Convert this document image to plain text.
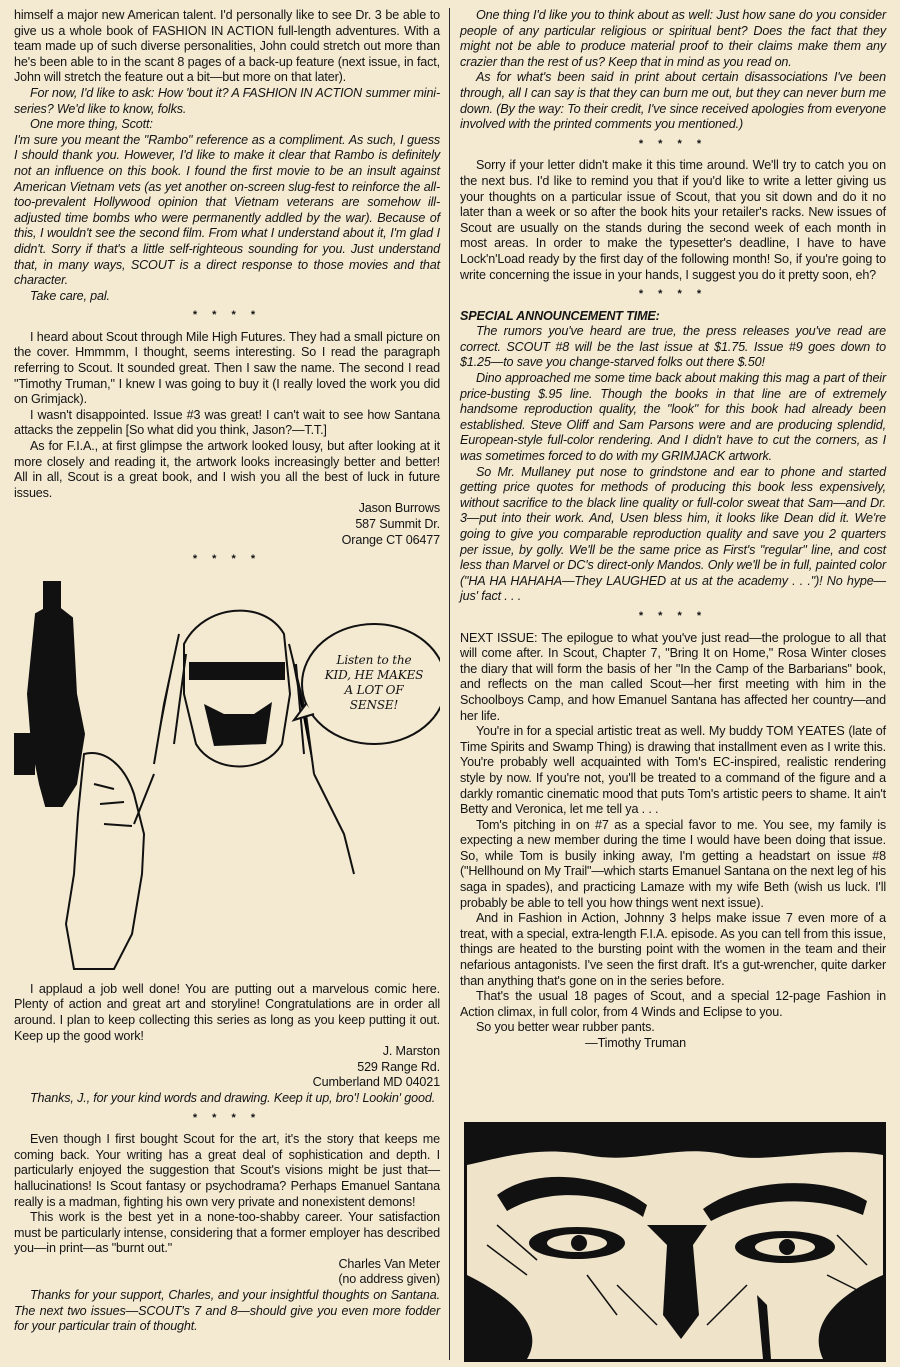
himself a major new American talent. I'd personally like to see Dr. 3 be able to give us a whole book of FASHION IN ACTION full-length adventures. With a team made up of such diverse personalities, John could stretch out more than he's been able to in the scant 8 pages of a back-up feature (next issue, in fact, John will stretch the feature out a bit—but more on that later).

For now, I'd like to ask: How 'bout it? A FASHION IN ACTION summer mini-series? We'd like to know, folks.

One more thing, Scott:

I'm sure you meant the "Rambo" reference as a compliment. As such, I guess I should thank you. However, I'd like to make it clear that Rambo is definitely not an influence on this book. I found the first movie to be an insult against American Vietnam vets (as yet another on-screen slug-fest to reinforce the all-too-prevalent Hollywood opinion that Vietnam veterans are somehow ill-adjusted time bombs who were permanently addled by the war). Because of this, I wouldn't see the second film. From what I understand about it, I'm glad I didn't. Sorry if that's a little self-righteous sounding for you. Just understand that, in many ways, SCOUT is a direct response to those movies and that character.

Take care, pal.

* * * *

I heard about Scout through Mile High Futures. They had a small picture on the cover. Hmmmm, I thought, seems interesting. So I read the paragraph referring to Scout. It sounded great. Then I saw the name. The second I read "Timothy Truman," I knew I was going to buy it (I really loved the work you did on Grimjack).

I wasn't disappointed. Issue #3 was great! I can't wait to see how Santana attacks the zeppelin [So what did you think, Jason?—T.T.]

As for F.I.A., at first glimpse the artwork looked lousy, but after looking at it more closely and reading it, the artwork looks increasingly better and better! All in all, Scout is a great book, and I wish you all the best of luck in future issues.

Jason Burrows

587 Summit Dr.

Orange CT 06477

* * * *
Listen to the KID, HE MAKES A LOT OF SENSE!

I applaud a job well done! You are putting out a marvelous comic here. Plenty of action and great art and storyline! Congratulations are in order all around. I plan to keep collecting this series as long as you keep putting it out. Keep up the good work!

J. Marston

529 Range Rd.

Cumberland MD 04021

Thanks, J., for your kind words and drawing. Keep it up, bro'! Lookin' good.

* * * *

Even though I first bought Scout for the art, it's the story that keeps me coming back. Your writing has a great deal of sophistication and depth. I particularly enjoyed the suggestion that Scout's visions might be just that—hallucinations! Is Scout fantasy or psychodrama? Perhaps Emanuel Santana really is a madman, fighting his own very private and nonexistent demons!

This work is the best yet in a none-too-shabby career. Your satisfaction must be particularly intense, considering that a former employer has described you—in print—as "burnt out."

Charles Van Meter

(no address given)

Thanks for your support, Charles, and your insightful thoughts on Santana. The next two issues—SCOUT's 7 and 8—should give you even more fodder for your particular train of thought.

One thing I'd like you to think about as well: Just how sane do you consider people of any particular religious or spiritual bent? Does the fact that they might not be able to produce material proof to their claims make them any crazier than the rest of us? Keep that in mind as you read on.

As for what's been said in print about certain disassociations I've been through, all I can say is that they can burn me out, but they can never burn me down. (By the way: To their credit, I've since received apologies from everyone involved with the printed comments you mentioned.)

* * * *

Sorry if your letter didn't make it this time around. We'll try to catch you on the next bus. I'd like to remind you that if you'd like to write a letter giving us your thoughts on a particular issue of Scout, that you sit down and do it no later than a week or so after the book hits your retailer's racks. New issues of Scout are usually on the stands during the second week of each month in most areas. In order to make the typesetter's deadline, I have to have Lock'n'Load ready by the first day of the following month! So, if you're going to write concerning the issue in your hands, I suggest you do it pretty soon, eh?

* * * *

SPECIAL ANNOUNCEMENT TIME:

The rumors you've heard are true, the press releases you've read are correct. SCOUT #8 will be the last issue at $1.75. Issue #9 goes down to $1.25—to save you change-starved folks out there $.50!

Dino approached me some time back about making this mag a part of their price-busting $.95 line. Though the books in that line are of extremely handsome reproduction quality, the "look" for this book had already been established. Steve Oliff and Sam Parsons were and are producing splendid, European-style full-color rendering. And I didn't have to cut the corners, as I was sometimes forced to do with my GRIMJACK artwork.

So Mr. Mullaney put nose to grindstone and ear to phone and started getting price quotes for methods of producing this book less expensively, without sacrifice to the black line quality or full-color sweat that Sam—and Dr. 3—put into their work. And, Usen bless him, it looks like Dean did it. We're going to give you comparable reproduction quality and save you 2 quarters per issue, by golly. We'll be the same price as First's "regular" line, and cost less than Marvel or DC's direct-only Mandos. Only we'll be in full, painted color ("HA HA HAHAHA—They LAUGHED at us at the academy . . .")! No hype—jus' fact . . .

* * * *

NEXT ISSUE: The epilogue to what you've just read—the prologue to all that will come after. In Scout, Chapter 7, "Bring It on Home," Rosa Winter closes the diary that will form the basis of her "In the Camp of the Barbarians" book, and reflects on the man called Scout—her first meeting with him in the Schoolboys Camp, and how Emanuel Santana has affected her country—and her life.

You're in for a special artistic treat as well. My buddy TOM YEATES (late of Time Spirits and Swamp Thing) is drawing that installment even as I write this. You're probably well acquainted with Tom's EC-inspired, realistic rendering style by now. If you're not, you'll be treated to a command of the figure and a darkly romantic cinematic mood that puts Tom's artistic peers to shame. It ain't Betty and Veronica, let me tell ya . . .

Tom's pitching in on #7 as a special favor to me. You see, my family is expecting a new member during the time I would have been doing that issue. So, while Tom is busily inking away, I'm getting a headstart on issue #8 ("Hellhound on My Trail"—which starts Emanuel Santana on the next leg of his saga in spades), and practicing Lamaze with my wife Beth (wish us luck. I'll probably be able to tell you how things went next issue).

And in Fashion in Action, Johnny 3 helps make issue 7 even more of a treat, with a special, extra-length F.I.A. episode. As you can tell from this issue, things are heated to the bursting point with the women in the team and their nefarious antagonists. I've seen the first draft. It's a gut-wrencher, quite darker than anything that's gone on in the series before.

That's the usual 18 pages of Scout, and a special 12-page Fashion in Action climax, in full color, from 4 Winds and Eclipse to you.

So you better wear rubber pants.

—Timothy Truman
